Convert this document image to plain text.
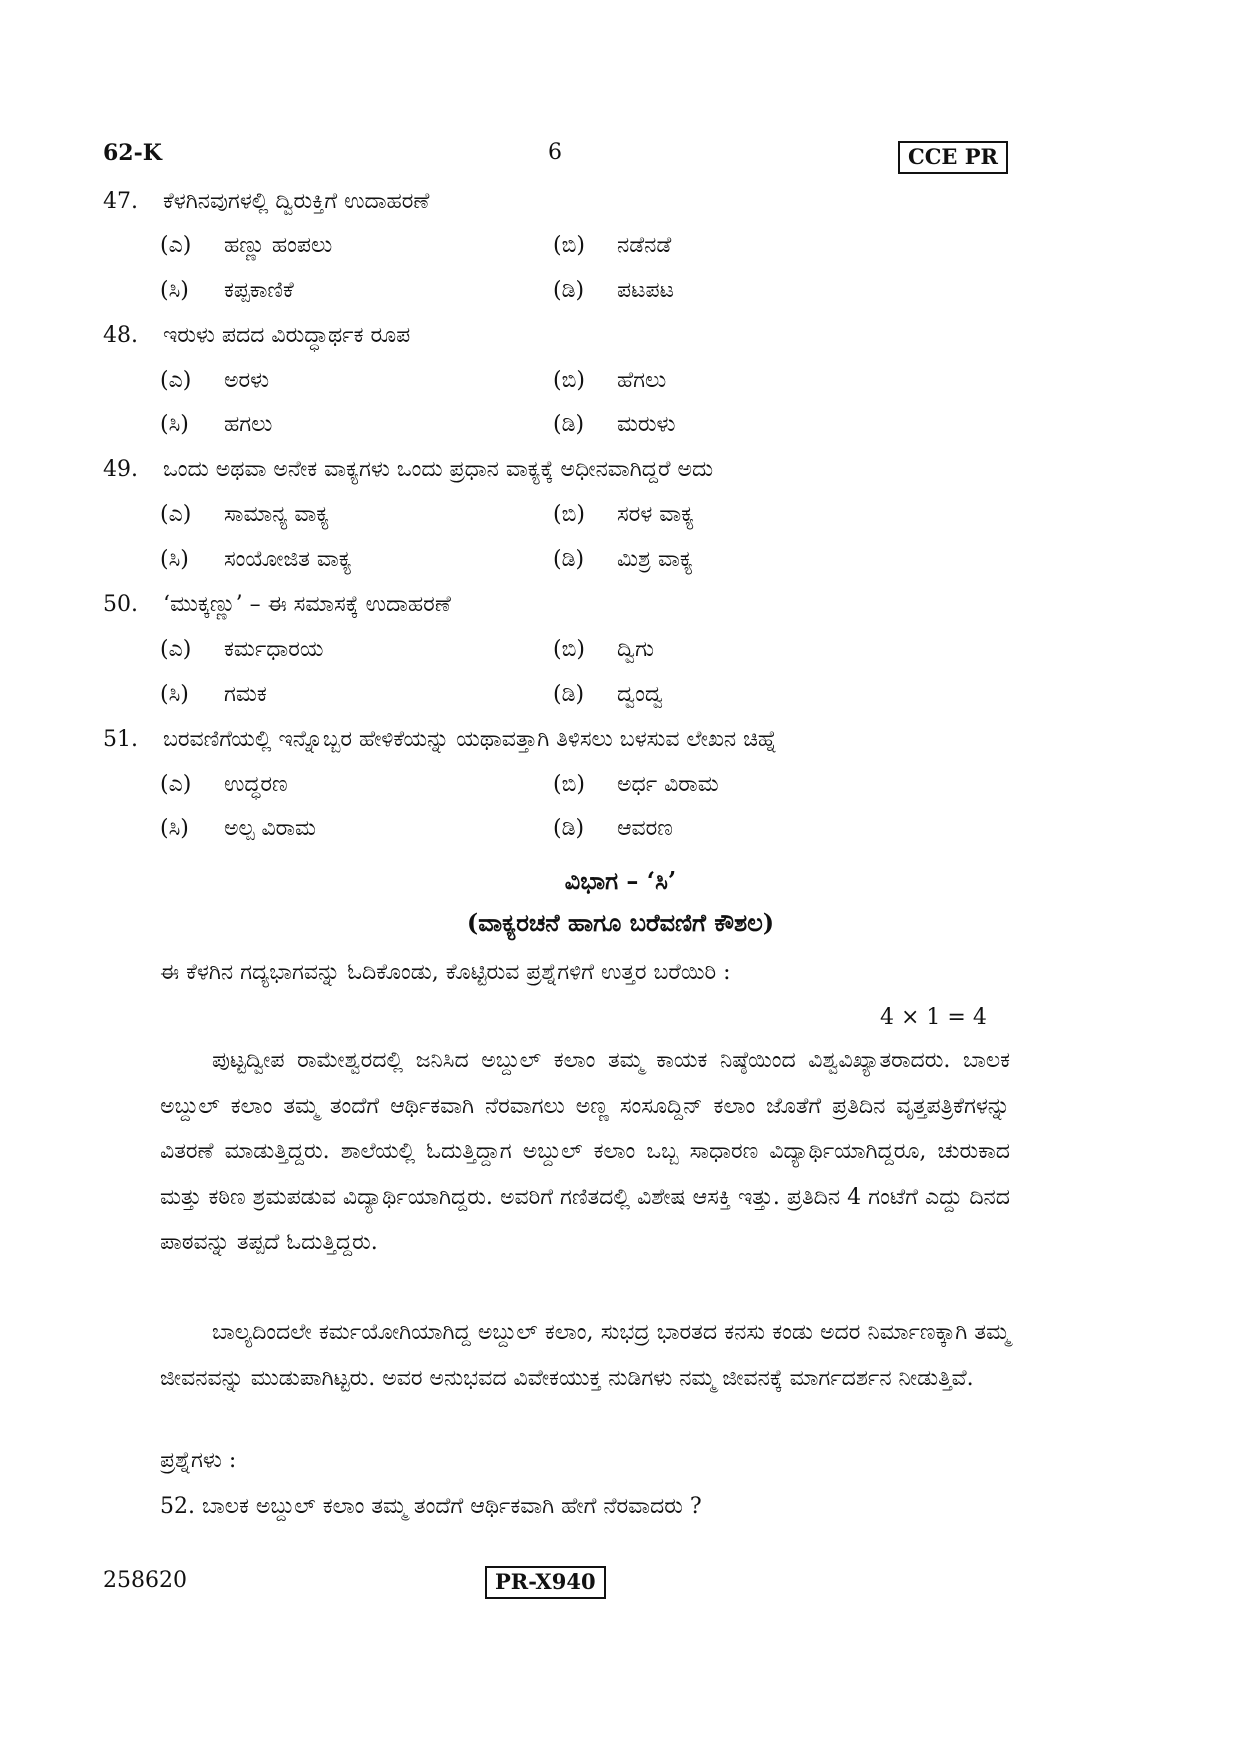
62-K	6	CCE PR
47. ಕೆಳಗಿನವುಗಳಲ್ಲಿ ದ್ವಿರುಕ್ತಿಗೆ ಉದಾಹರಣೆ
(ಎ) ಹಣ್ಣು ಹಂಪಲು	(ಬಿ) ನಡೆನಡೆ
(ಸಿ) ಕಪ್ಪಕಾಣಿಕೆ	(ಡಿ) ಪಟಪಟ
48. ಇರುಳು ಪದದ ವಿರುದ್ಧಾರ್ಥಕ ರೂಪ
(ಎ) ಅರಳು	(ಬಿ) ಹೆಗಲು
(ಸಿ) ಹಗಲು	(ಡಿ) ಮರುಳು
49. ಒಂದು ಅಥವಾ ಅನೇಕ ವಾಕ್ಯಗಳು ಒಂದು ಪ್ರಧಾನ ವಾಕ್ಯಕ್ಕೆ ಅಧೀನವಾಗಿದ್ದರೆ ಅದು
(ಎ) ಸಾಮಾನ್ಯ ವಾಕ್ಯ	(ಬಿ) ಸರಳ ವಾಕ್ಯ
(ಸಿ) ಸಂಯೋಜಿತ ವಾಕ್ಯ	(ಡಿ) ಮಿಶ್ರ ವಾಕ್ಯ
50. ‘ಮುಕ್ಕಣ್ಣು’ – ಈ ಸಮಾಸಕ್ಕೆ ಉದಾಹರಣೆ
(ಎ) ಕರ್ಮಧಾರಯ	(ಬಿ) ದ್ವಿಗು
(ಸಿ) ಗಮಕ	(ಡಿ) ದ್ವಂದ್ವ
51. ಬರವಣಿಗೆಯಲ್ಲಿ ಇನ್ನೊಬ್ಬರ ಹೇಳಿಕೆಯನ್ನು ಯಥಾವತ್ತಾಗಿ ತಿಳಿಸಲು ಬಳಸುವ ಲೇಖನ ಚಿಹ್ನೆ
(ಎ) ಉದ್ಧರಣ	(ಬಿ) ಅರ್ಧ ವಿರಾಮ
(ಸಿ) ಅಲ್ಪ ವಿರಾಮ	(ಡಿ) ಆವರಣ
ವಿಭಾಗ – ‘ಸಿ’
(ವಾಕ್ಯರಚನೆ ಹಾಗೂ ಬರೆವಣಿಗೆ ಕೌಶಲ)
ಈ ಕೆಳಗಿನ ಗದ್ಯಭಾಗವನ್ನು ಓದಿಕೊಂಡು, ಕೊಟ್ಟಿರುವ ಪ್ರಶ್ನೆಗಳಿಗೆ ಉತ್ತರ ಬರೆಯಿರಿ :
4 × 1 = 4
ಪುಟ್ಟದ್ವೀಪ ರಾಮೇಶ್ವರದಲ್ಲಿ ಜನಿಸಿದ ಅಬ್ದುಲ್ ಕಲಾಂ ತಮ್ಮ ಕಾಯಕ ನಿಷ್ಠೆಯಿಂದ ವಿಶ್ವವಿಖ್ಯಾತರಾದರು. ಬಾಲಕ ಅಬ್ದುಲ್ ಕಲಾಂ ತಮ್ಮ ತಂದೆಗೆ ಆರ್ಥಿಕವಾಗಿ ನೆರವಾಗಲು ಅಣ್ಣ ಸಂಸೂದ್ದಿನ್ ಕಲಾಂ ಜೊತೆಗೆ ಪ್ರತಿದಿನ ವೃತ್ತಪತ್ರಿಕೆಗಳನ್ನು ವಿತರಣೆ ಮಾಡುತ್ತಿದ್ದರು. ಶಾಲೆಯಲ್ಲಿ ಓದುತ್ತಿದ್ದಾಗ ಅಬ್ದುಲ್ ಕಲಾಂ ಒಬ್ಬ ಸಾಧಾರಣ ವಿದ್ಯಾರ್ಥಿಯಾಗಿದ್ದರೂ, ಚುರುಕಾದ ಮತ್ತು ಕಠಿಣ ಶ್ರಮಪಡುವ ವಿದ್ಯಾರ್ಥಿಯಾಗಿದ್ದರು. ಅವರಿಗೆ ಗಣಿತದಲ್ಲಿ ವಿಶೇಷ ಆಸಕ್ತಿ ಇತ್ತು. ಪ್ರತಿದಿನ 4 ಗಂಟೆಗೆ ಎದ್ದು ದಿನದ ಪಾಠವನ್ನು ತಪ್ಪದೆ ಓದುತ್ತಿದ್ದರು.
ಬಾಲ್ಯದಿಂದಲೇ ಕರ್ಮಯೋಗಿಯಾಗಿದ್ದ ಅಬ್ದುಲ್ ಕಲಾಂ, ಸುಭದ್ರ ಭಾರತದ ಕನಸು ಕಂಡು ಅದರ ನಿರ್ಮಾಣಕ್ಕಾಗಿ ತಮ್ಮ ಜೀವನವನ್ನು ಮುಡುಪಾಗಿಟ್ಟರು. ಅವರ ಅನುಭವದ ವಿವೇಕಯುಕ್ತ ನುಡಿಗಳು ನಮ್ಮ ಜೀವನಕ್ಕೆ ಮಾರ್ಗದರ್ಶನ ನೀಡುತ್ತಿವೆ.
ಪ್ರಶ್ನೆಗಳು :
52. ಬಾಲಕ ಅಬ್ದುಲ್ ಕಲಾಂ ತಮ್ಮ ತಂದೆಗೆ ಆರ್ಥಿಕವಾಗಿ ಹೇಗೆ ನೆರವಾದರು ?
258620	PR-X940
